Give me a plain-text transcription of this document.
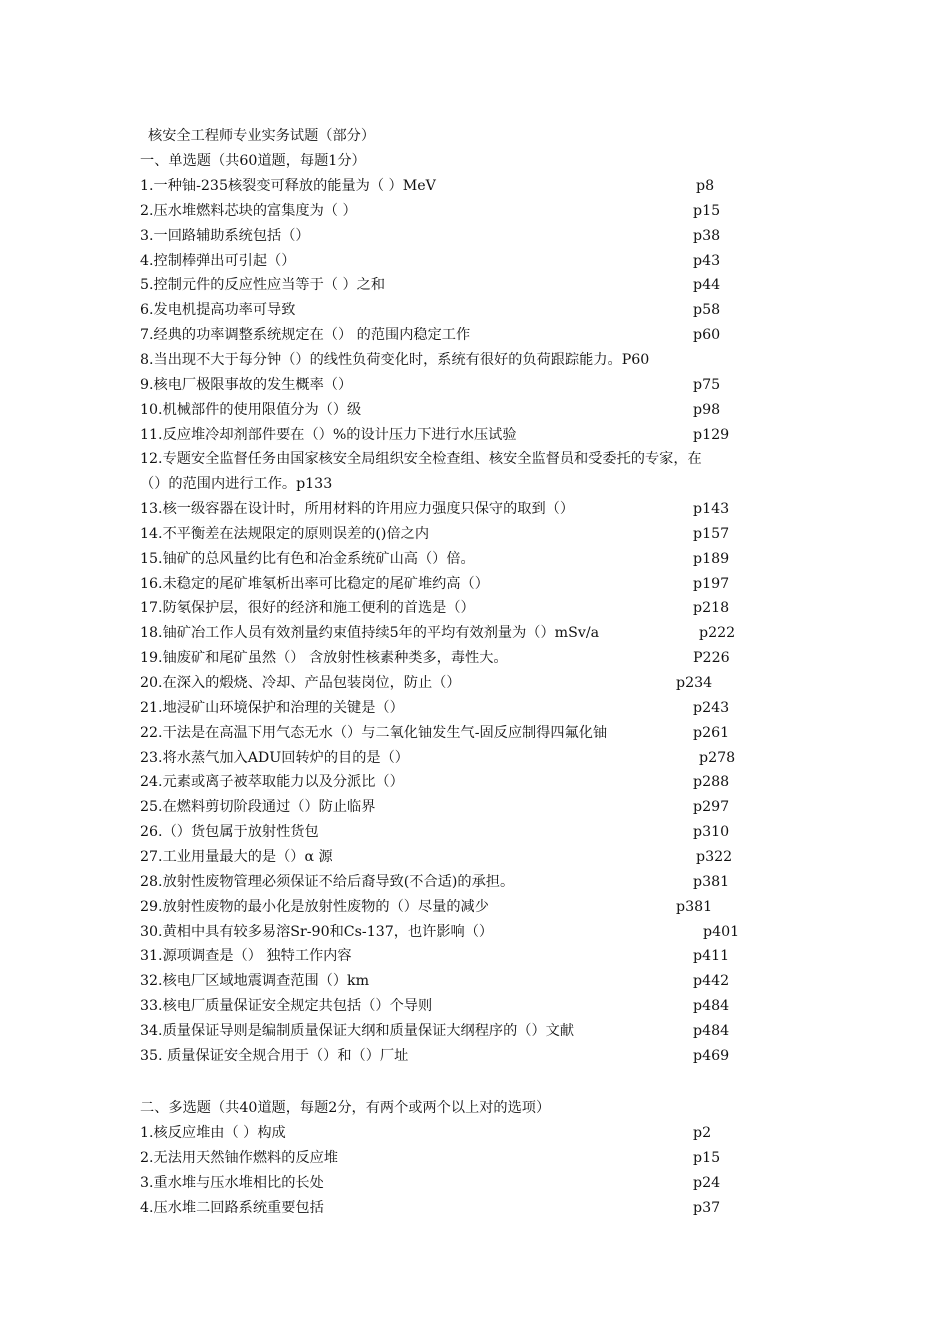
核安全工程师专业实务试题（部分）
一、单选题（共60道题，每题1分）
1.一种铀-235核裂变可释放的能量为（ ）MeV	p8
2.压水堆燃料芯块的富集度为（ ）	p15
3.一回路辅助系统包括（）	p38
4.控制棒弹出可引起（）	p43
5.控制元件的反应性应当等于（ ）之和	p44
6.发电机提高功率可导致	p58
7.经典的功率调整系统规定在（） 的范围内稳定工作	p60
8.当出现不大于每分钟（）的线性负荷变化时，系统有很好的负荷跟踪能力。P60
9.核电厂极限事故的发生概率（）	p75
10.机械部件的使用限值分为（）级	p98
11.反应堆冷却剂部件要在（）%的设计压力下进行水压试验	p129
12.专题安全监督任务由国家核安全局组织安全检查组、核安全监督员和受委托的专家，在
（）的范围内进行工作。p133
13.核一级容器在设计时，所用材料的许用应力强度只保守的取到（）	p143
14.不平衡差在法规限定的原则误差的()倍之内	p157
15.铀矿的总风量约比有色和冶金系统矿山高（）倍。	p189
16.未稳定的尾矿堆氡析出率可比稳定的尾矿堆约高（）	p197
17.防氡保护层，很好的经济和施工便利的首选是（）	p218
18.铀矿冶工作人员有效剂量约束值持续5年的平均有效剂量为（）mSv/a	p222
19.铀废矿和尾矿虽然（） 含放射性核素种类多，毒性大。	P226
20.在深入的煅烧、冷却、产品包装岗位，防止（）	p234
21.地浸矿山环境保护和治理的关键是（）	p243
22.干法是在高温下用气态无水（）与二氧化铀发生气-固反应制得四氟化铀	p261
23.将水蒸气加入ADU回转炉的目的是（）	p278
24.元素或离子被萃取能力以及分派比（）	p288
25.在燃料剪切阶段通过（）防止临界	p297
26.（）货包属于放射性货包	p310
27.工业用量最大的是（）α 源	p322
28.放射性废物管理必须保证不给后裔导致(不合适)的承担。	p381
29.放射性废物的最小化是放射性废物的（）尽量的减少	p381
30.黄相中具有较多易溶Sr-90和Cs-137，也许影响（）	p401
31.源项调查是（） 独特工作内容	p411
32.核电厂区域地震调查范围（）km	p442
33.核电厂质量保证安全规定共包括（）个导则	p484
34.质量保证导则是编制质量保证大纲和质量保证大纲程序的（）文献	p484
35. 质量保证安全规合用于（）和（）厂址	p469
二、多选题（共40道题，每题2分，有两个或两个以上对的选项）
1.核反应堆由（ ）构成	p2
2.无法用天然铀作燃料的反应堆	p15
3.重水堆与压水堆相比的长处	p24
4.压水堆二回路系统重要包括	p37
